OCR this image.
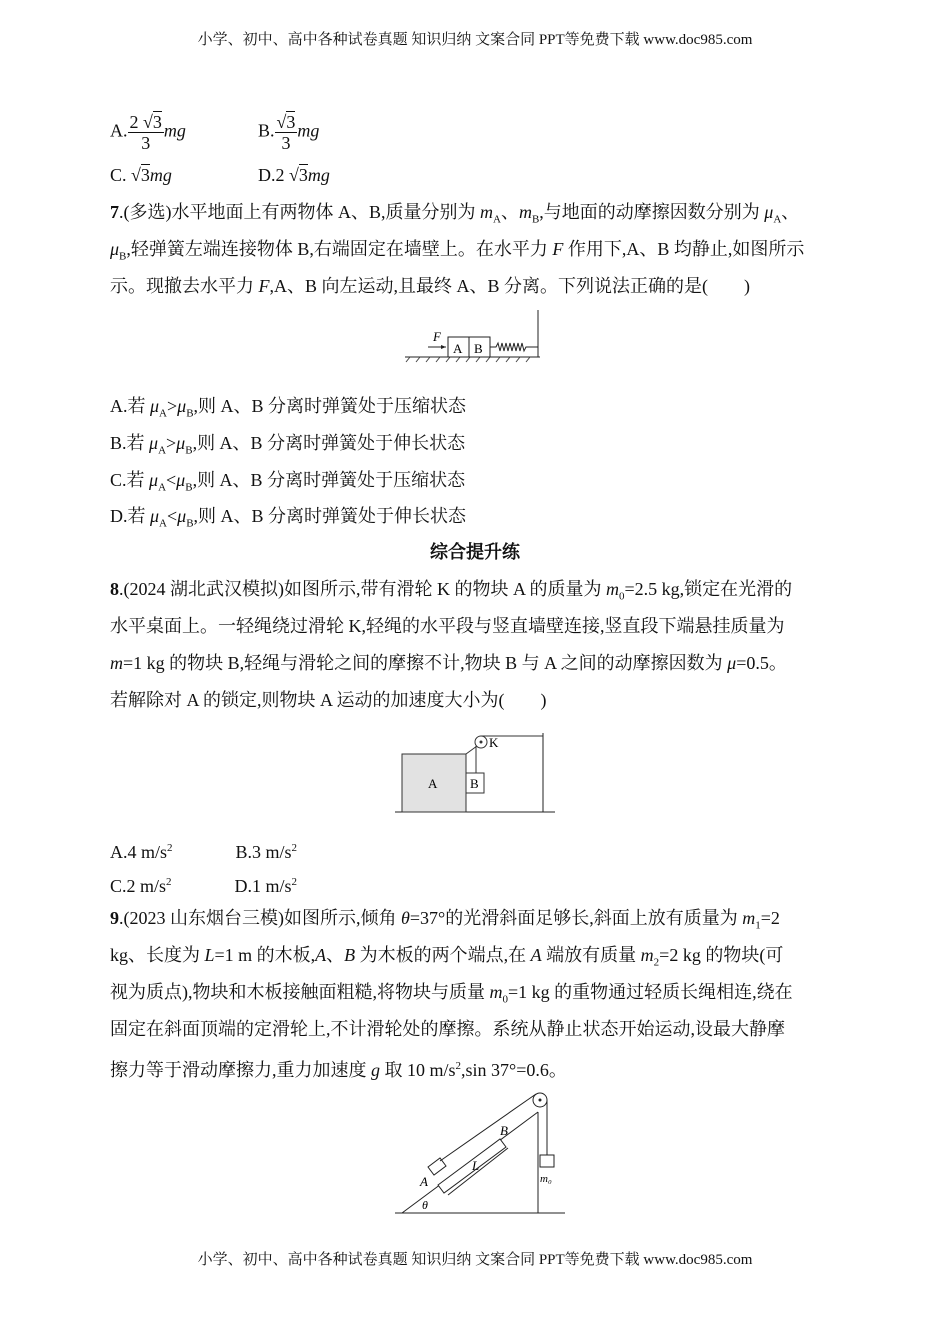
小学、初中、高中各种试卷真题 知识归纳 文案合同 PPT等免费下载 www.doc985.com
A. $\frac{2 √3}{3}$ mg	B. $\frac{√3}{3}$ mg
C. √3mg	D.2 √3mg
7.(多选)水平地面上有两物体 A、B,质量分别为 $m_A$、$m_B$,与地面的动摩擦因数分别为 $\mu_A$、
$\mu_B$,轻弹簧左端连接物体 B,右端固定在墙壁上。在水平力 F 作用下,A、B 均静止,如图所示
示。现撤去水平力 F,A、B 向左运动,且最终 A、B 分离。下列说法正确的是(　　)
A.若 $\mu_A>\mu_B$,则 A、B 分离时弹簧处于压缩状态
B.若 $\mu_A>\mu_B$,则 A、B 分离时弹簧处于伸长状态
C.若 $\mu_A<\mu_B$,则 A、B 分离时弹簧处于压缩状态
D.若 $\mu_A<\mu_B$,则 A、B 分离时弹簧处于伸长状态
8.(2024 湖北武汉模拟)如图所示,带有滑轮 K 的物块 A 的质量为 $m_0=2.5$ kg,锁定在光滑的
水平桌面上。一轻绳绕过滑轮 K,轻绳的水平段与竖直墙壁连接,竖直段下端悬挂质量为
m=1 kg 的物块 B,轻绳与滑轮之间的摩擦不计,物块 B 与 A 之间的动摩擦因数为 μ=0.5。
若解除对 A 的锁定,则物块 A 运动的加速度大小为(　　)
A.4 $m/s^2$              B.3 $m/s^2$
C.2 $m/s^2$              D.1 $m/s^2$
9.(2023 山东烟台三模)如图所示,倾角 θ=37°的光滑斜面足够长,斜面上放有质量为 $m_1=2$
kg、长度为 L=1 m 的木板,A、B 为木板的两个端点,在 A 端放有质量 $m_2=2$ kg 的物块(可
视为质点),物块和木板接触面粗糙,将物块与质量 $m_0=1$ kg 的重物通过轻质长绳相连,绕在
固定在斜面顶端的定滑轮上,不计滑轮处的摩擦。系统从静止状态开始运动,设最大静摩
擦力等于滑动摩擦力,重力加速度 g 取 10 $m/s^2,\sin$ 37°=0.6。
综合提升练
F
A B
A	B
K
A
B
L
m₀
θ
小学、初中、高中各种试卷真题 知识归纳 文案合同 PPT等免费下载 www.doc985.com
